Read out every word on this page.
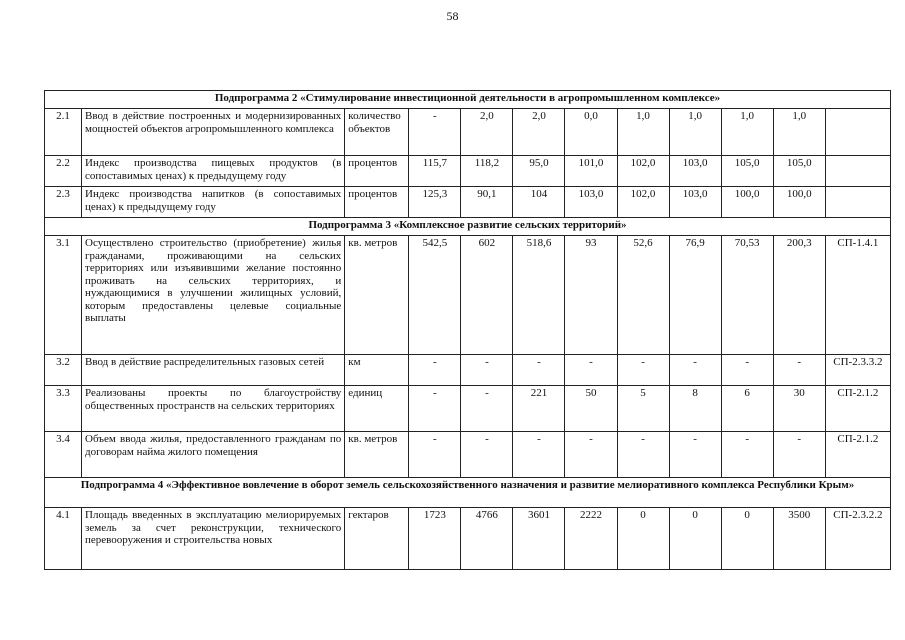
58
Подпрограмма 2 «Стимулирование инвестиционной деятельности в агропромышленном комплексе»											
2.1	Ввод в действие построенных и модернизированных мощностей объектов агропромышленного комплекса	количество объектов	-	2,0	2,0	0,0	1,0	1,0	1,0	1,0	
2.2	Индекс производства пищевых продуктов (в сопоставимых ценах) к предыдущему году	процентов	115,7	118,2	95,0	101,0	102,0	103,0	105,0	105,0	
2.3	Индекс производства напитков (в сопоставимых ценах) к предыдущему году	процентов	125,3	90,1	104	103,0	102,0	103,0	100,0	100,0	
Подпрограмма 3 «Комплексное развитие сельских территорий»											
3.1	Осуществлено строительство (приобретение) жилья гражданами, проживающими на сельских территориях или изъявившими желание постоянно проживать на сельских территориях, и нуждающимися в улучшении жилищных условий, которым предоставлены целевые социальные выплаты	кв. метров	542,5	602	518,6	93	52,6	76,9	70,53	200,3	СП-1.4.1
3.2	Ввод в действие распределительных газовых сетей	км	-	-	-	-	-	-	-	-	СП-2.3.3.2
3.3	Реализованы проекты по благоустройству общественных пространств на сельских территориях	единиц	-	-	221	50	5	8	6	30	СП-2.1.2
3.4	Объем ввода жилья, предоставленного гражданам по договорам найма жилого помещения	кв. метров	-	-	-	-	-	-	-	-	СП-2.1.2
Подпрограмма 4 «Эффективное вовлечение в оборот земель сельскохозяйственного назначения и развитие мелиоративного комплекса Республики Крым»											
4.1	Площадь введенных в эксплуатацию мелиорируемых земель за счет реконструкции, технического перевооружения и строительства новых	гектаров	1723	4766	3601	2222	0	0	0	3500	СП-2.3.2.2
